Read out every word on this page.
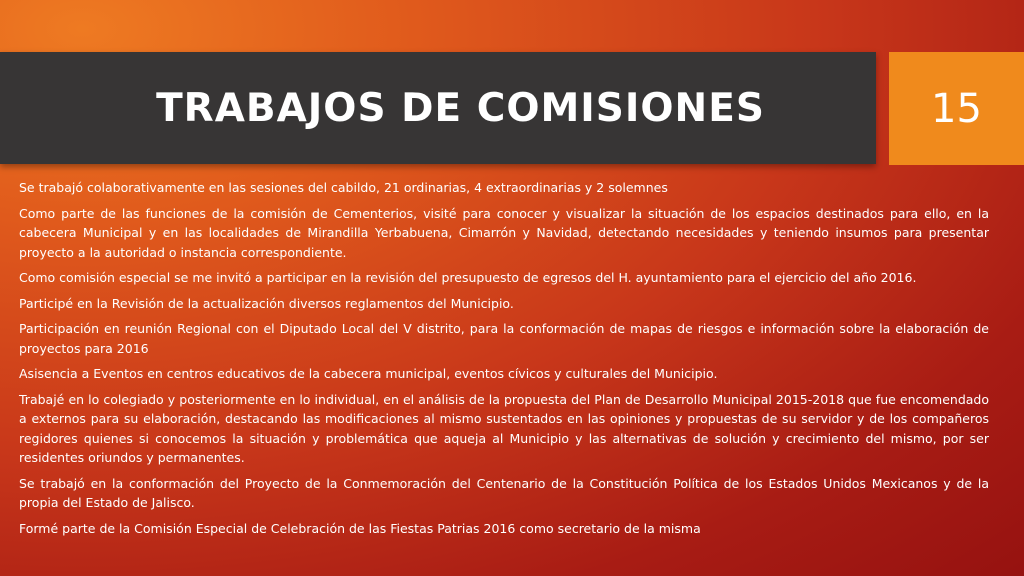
TRABAJOS DE COMISIONES	15

Se trabajó colaborativamente en las sesiones del cabildo, 21 ordinarias, 4 extraordinarias y 2 solemnes

Como parte de las funciones de la comisión de Cementerios, visité para conocer y visualizar la situación de los espacios destinados para ello, en la cabecera Municipal y en las localidades de Mirandilla Yerbabuena, Cimarrón y Navidad, detectando necesidades y teniendo insumos para presentar proyecto a la autoridad o instancia correspondiente.

Como comisión especial se me invitó a participar en la revisión del presupuesto de egresos del H. ayuntamiento para el ejercicio del año 2016.

Participé en la Revisión de la actualización diversos reglamentos del Municipio.

Participación en reunión Regional con el Diputado Local del V distrito, para la conformación de mapas de riesgos e información sobre la elaboración de proyectos para 2016

Asisencia a Eventos en centros educativos de la cabecera municipal, eventos cívicos y culturales del Municipio.

Trabajé en lo colegiado y posteriormente en lo individual, en el análisis de la propuesta del Plan de Desarrollo Municipal 2015-2018 que fue encomendado a externos para su elaboración, destacando las modificaciones al mismo sustentados en las opiniones y propuestas de su servidor y de los compañeros regidores quienes si conocemos la situación y problemática que aqueja al Municipio y las alternativas de solución y crecimiento del mismo, por ser residentes oriundos y permanentes.

Se trabajó en la conformación del Proyecto de la Conmemoración del Centenario de la Constitución Política de los Estados Unidos Mexicanos y de la propia del Estado de Jalisco.

Formé parte de la Comisión Especial de Celebración de las Fiestas Patrias 2016 como secretario de la misma
